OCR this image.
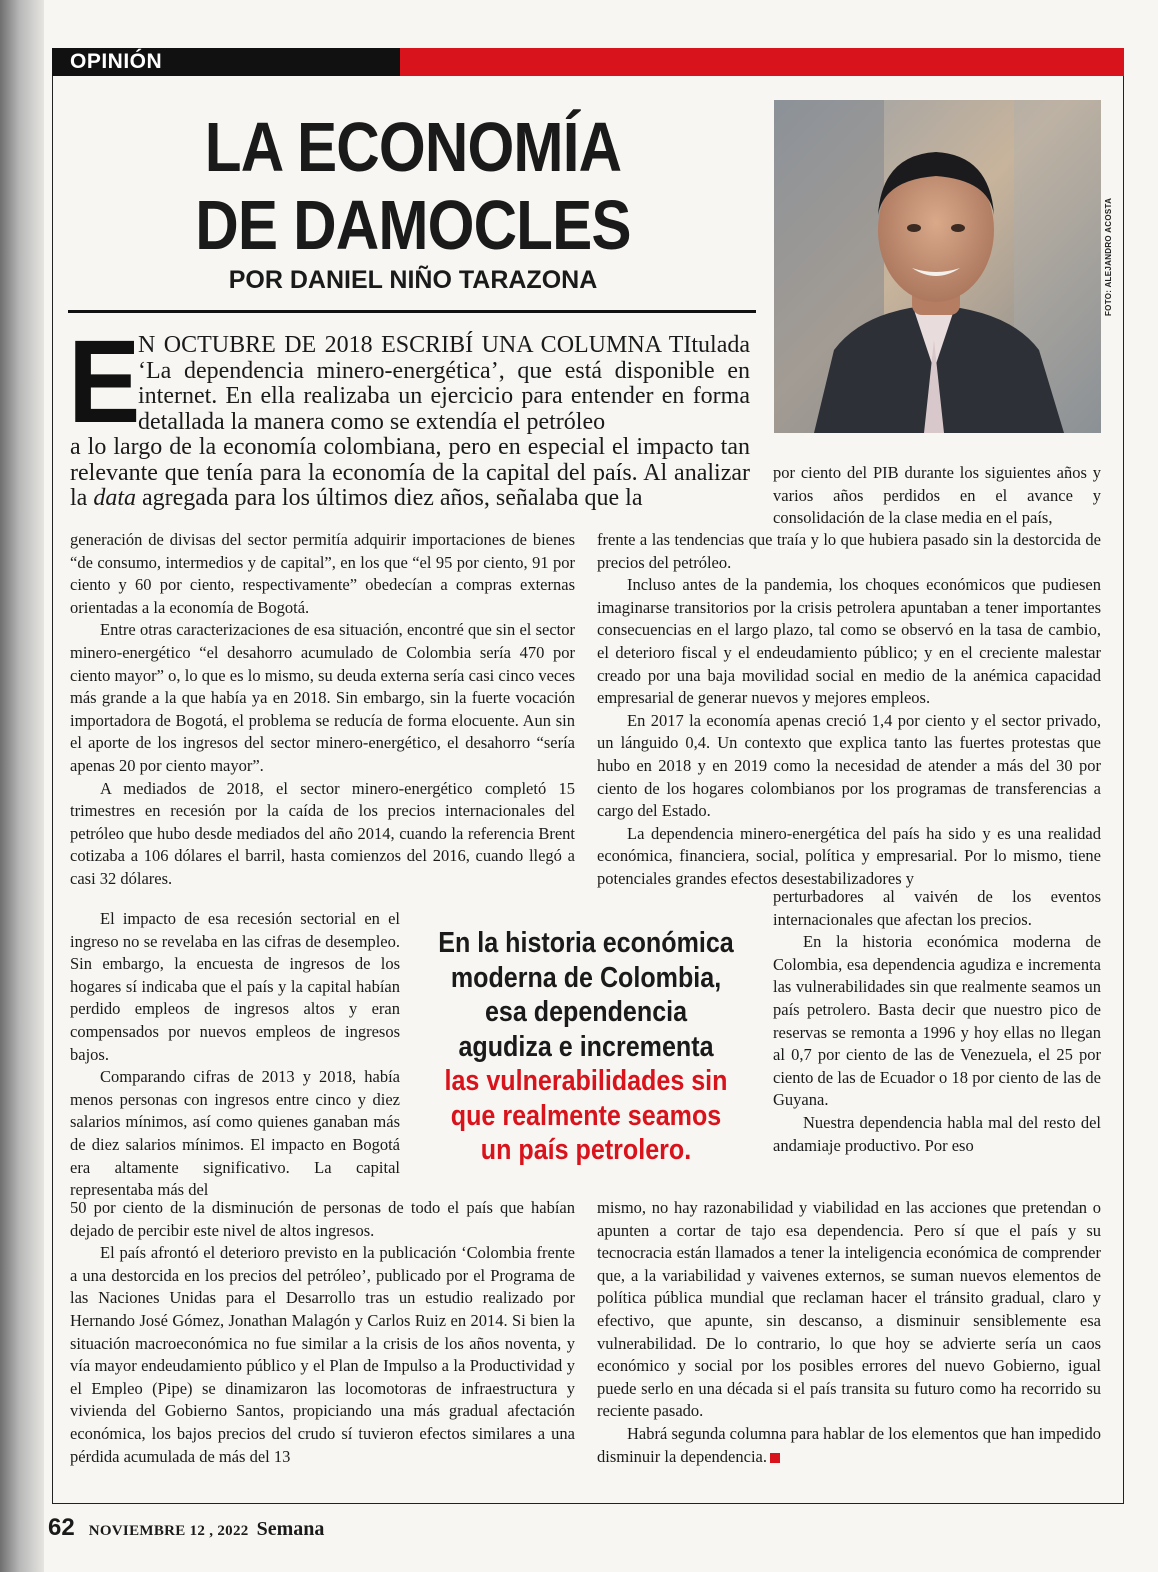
OPINIÓN
LA ECONOMÍA
DE DAMOCLES
POR DANIEL NIÑO TARAZONA	FOTO: ALEJANDRO ACOSTA
E

N OCTUBRE DE 2018 ESCRIBÍ UNA COLUMNA TItulada ‘La dependencia minero-energética’, que está disponible en internet. En ella realizaba un ejercicio para entender en forma detallada la manera como se extendía el petróleo

a lo largo de la economía colombiana, pero en especial el impacto tan relevante que tenía para la economía de la capital del país. Al analizar la data agregada para los últimos diez años, señalaba que la

por ciento del PIB durante los siguientes años y varios años perdidos en el avance y consolidación de la clase media en el país,

generación de divisas del sector permitía adquirir importaciones de bienes “de consumo, intermedios y de capital”, en los que “el 95 por ciento, 91 por ciento y 60 por ciento, respectivamente” obedecían a compras externas orientadas a la economía de Bogotá.

Entre otras caracterizaciones de esa situación, encontré que sin el sector minero-energético “el desahorro acumulado de Colombia sería 470 por ciento mayor” o, lo que es lo mismo, su deuda externa sería casi cinco veces más grande a la que había ya en 2018. Sin embargo, sin la fuerte vocación importadora de Bogotá, el problema se reducía de forma elocuente. Aun sin el aporte de los ingresos del sector minero-energético, el desahorro “sería apenas 20 por ciento mayor”.

A mediados de 2018, el sector minero-energético completó 15 trimestres en recesión por la caída de los precios internacionales del petróleo que hubo desde mediados del año 2014, cuando la referencia Brent cotizaba a 106 dólares el barril, hasta comienzos del 2016, cuando llegó a casi 32 dólares.

El impacto de esa recesión sectorial en el ingreso no se revelaba en las cifras de desempleo. Sin embargo, la encuesta de ingresos de los hogares sí indicaba que el país y la capital habían perdido empleos de ingresos altos y eran compensados por nuevos empleos de ingresos bajos.

Comparando cifras de 2013 y 2018, había menos personas con ingresos entre cinco y diez salarios mínimos, así como quienes ganaban más de diez salarios mínimos. El impacto en Bogotá era altamente significativo. La capital representaba más del

En la historia económica
moderna de Colombia,
esa dependencia
agudiza e incrementa
las vulnerabilidades sin
que realmente seamos
un país petrolero.

50 por ciento de la disminución de personas de todo el país que habían dejado de percibir este nivel de altos ingresos.

El país afrontó el deterioro previsto en la publicación ‘Colombia frente a una destorcida en los precios del petróleo’, publicado por el Programa de las Naciones Unidas para el Desarrollo tras un estudio realizado por Hernando José Gómez, Jonathan Malagón y Carlos Ruiz en 2014. Si bien la situación macroeconómica no fue similar a la crisis de los años noventa, y vía mayor endeudamiento público y el Plan de Impulso a la Productividad y el Empleo (Pipe) se dinamizaron las locomotoras de infraestructura y vivienda del Gobierno Santos, propiciando una más gradual afectación económica, los bajos precios del crudo sí tuvieron efectos similares a una pérdida acumulada de más del 13

frente a las tendencias que traía y lo que hubiera pasado sin la destorcida de precios del petróleo.

Incluso antes de la pandemia, los choques económicos que pudiesen imaginarse transitorios por la crisis petrolera apuntaban a tener importantes consecuencias en el largo plazo, tal como se observó en la tasa de cambio, el deterioro fiscal y el endeudamiento público; y en el creciente malestar creado por una baja movilidad social en medio de la anémica capacidad empresarial de generar nuevos y mejores empleos.

En 2017 la economía apenas creció 1,4 por ciento y el sector privado, un lánguido 0,4. Un contexto que explica tanto las fuertes protestas que hubo en 2018 y en 2019 como la necesidad de atender a más del 30 por ciento de los hogares colombianos por los programas de transferencias a cargo del Estado.

La dependencia minero-energética del país ha sido y es una realidad económica, financiera, social, política y empresarial. Por lo mismo, tiene potenciales grandes efectos desestabilizadores y

perturbadores al vaivén de los eventos internacionales que afectan los precios.

En la historia económica moderna de Colombia, esa dependencia agudiza e incrementa las vulnerabilidades sin que realmente seamos un país petrolero. Basta decir que nuestro pico de reservas se remonta a 1996 y hoy ellas no llegan al 0,7 por ciento de las de Venezuela, el 25 por ciento de las de Ecuador o 18 por ciento de las de Guyana.

Nuestra dependencia habla mal del resto del andamiaje productivo. Por eso

mismo, no hay razonabilidad y viabilidad en las acciones que pretendan o apunten a cortar de tajo esa dependencia. Pero sí que el país y su tecnocracia están llamados a tener la inteligencia económica de comprender que, a la variabilidad y vaivenes externos, se suman nuevos elementos de política pública mundial que reclaman hacer el tránsito gradual, claro y efectivo, que apunte, sin descanso, a disminuir sensiblemente esa vulnerabilidad. De lo contrario, lo que hoy se advierte sería un caos económico y social por los posibles errores del nuevo Gobierno, igual puede serlo en una década si el país transita su futuro como ha recorrido su reciente pasado.

Habrá segunda columna para hablar de los elementos que han impedido disminuir la dependencia.

62 NOVIEMBRE 12 , 2022 Semana
